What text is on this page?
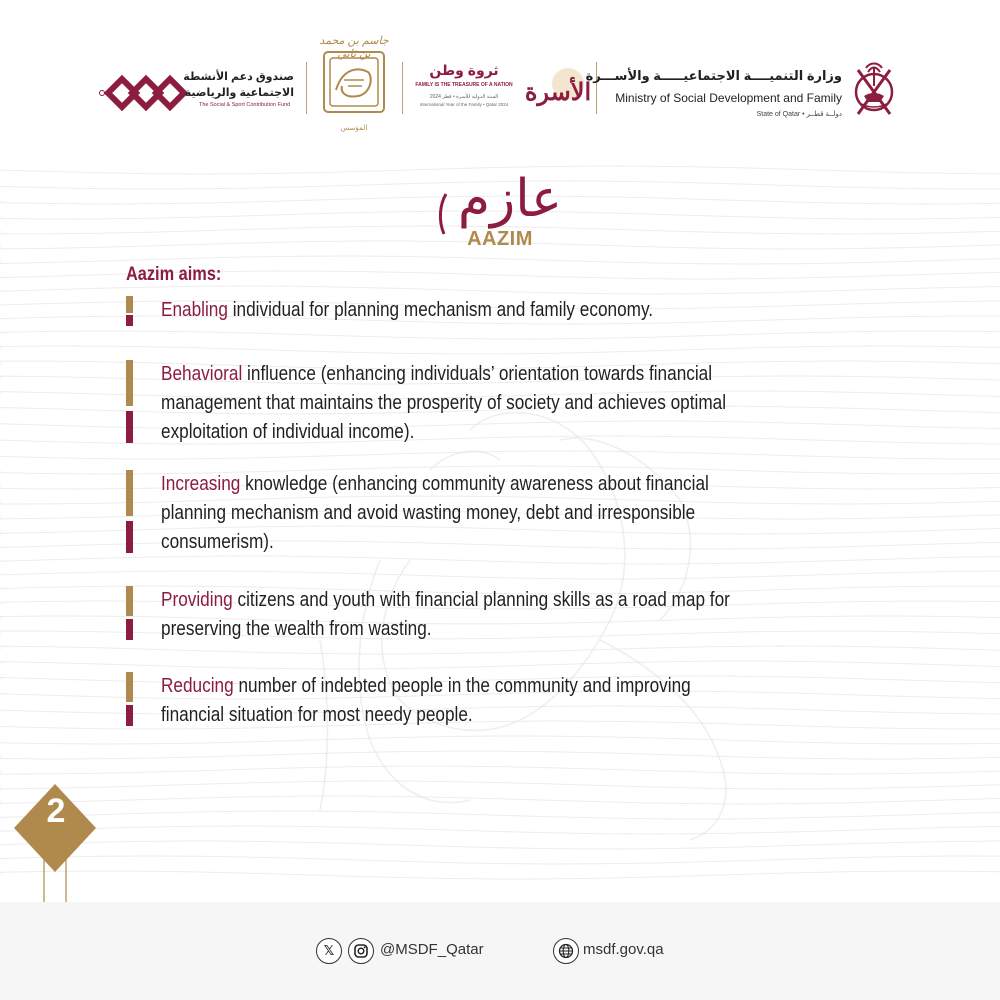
صندوق دعم الأنشطة
الاجتماعية والرياضية
The Social & Sport Contribution Fund
جاسم بن محمد بن ثاني
المؤسس
ثروة وطن
FAMILY IS THE TREASURE OF A NATION
السنة الدولية للأسرة • قطر 2024
International Year of the Family • Qatar 2024 الأسرة
وزارة التنميــــة الاجتماعيـــــة والأســـرة
Ministry of Social Development and Family
State of Qatar • دولــة قطــر
عازم
AAZIM
Aazim aims:
Enabling individual for planning mechanism and family economy.
Behavioral influence (enhancing individuals’ orientation towards financial
management that maintains the prosperity of society and achieves optimal
exploitation of individual income).
Increasing knowledge (enhancing community awareness about financial
planning mechanism and avoid wasting money, debt and irresponsible
consumerism).
Providing citizens and youth with financial planning skills as a road map for
preserving the wealth from wasting.
Reducing number of indebted people in the community and improving
financial situation for most needy people.
2
𝕏	@MSDF_Qatar	msdf.gov.qa
